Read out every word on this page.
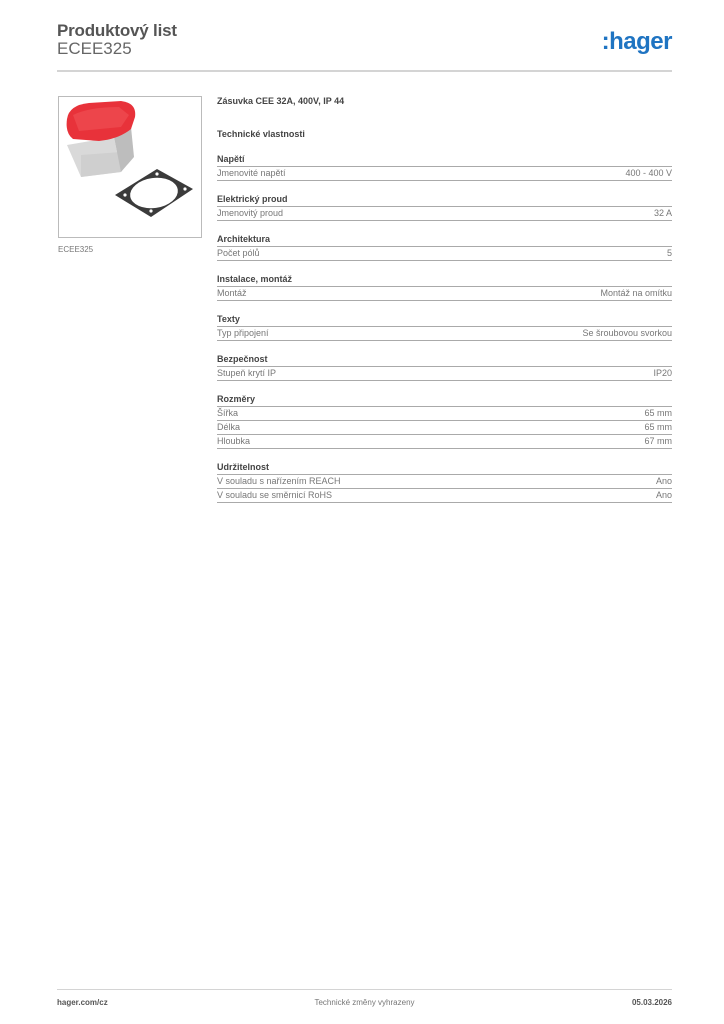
Produktový list
ECEE325	:hager
ECEE325
Zásuvka CEE 32A, 400V, IP 44
Technické vlastnosti
Napětí
Jmenovité napětí	400 - 400 V
Elektrický proud
Jmenovitý proud	32 A
Architektura
Počet pólů	5
Instalace, montáž
Montáž	Montáž na omítku
Texty
Typ připojení	Se šroubovou svorkou
Bezpečnost
Stupeň krytí IP	IP20
Rozměry
Šířka	65 mm
Délka	65 mm
Hloubka	67 mm
Udržitelnost
V souladu s nařízením REACH	Ano
V souladu se směrnicí RoHS	Ano
hager.com/cz	Technické změny vyhrazeny	05.03.2026
